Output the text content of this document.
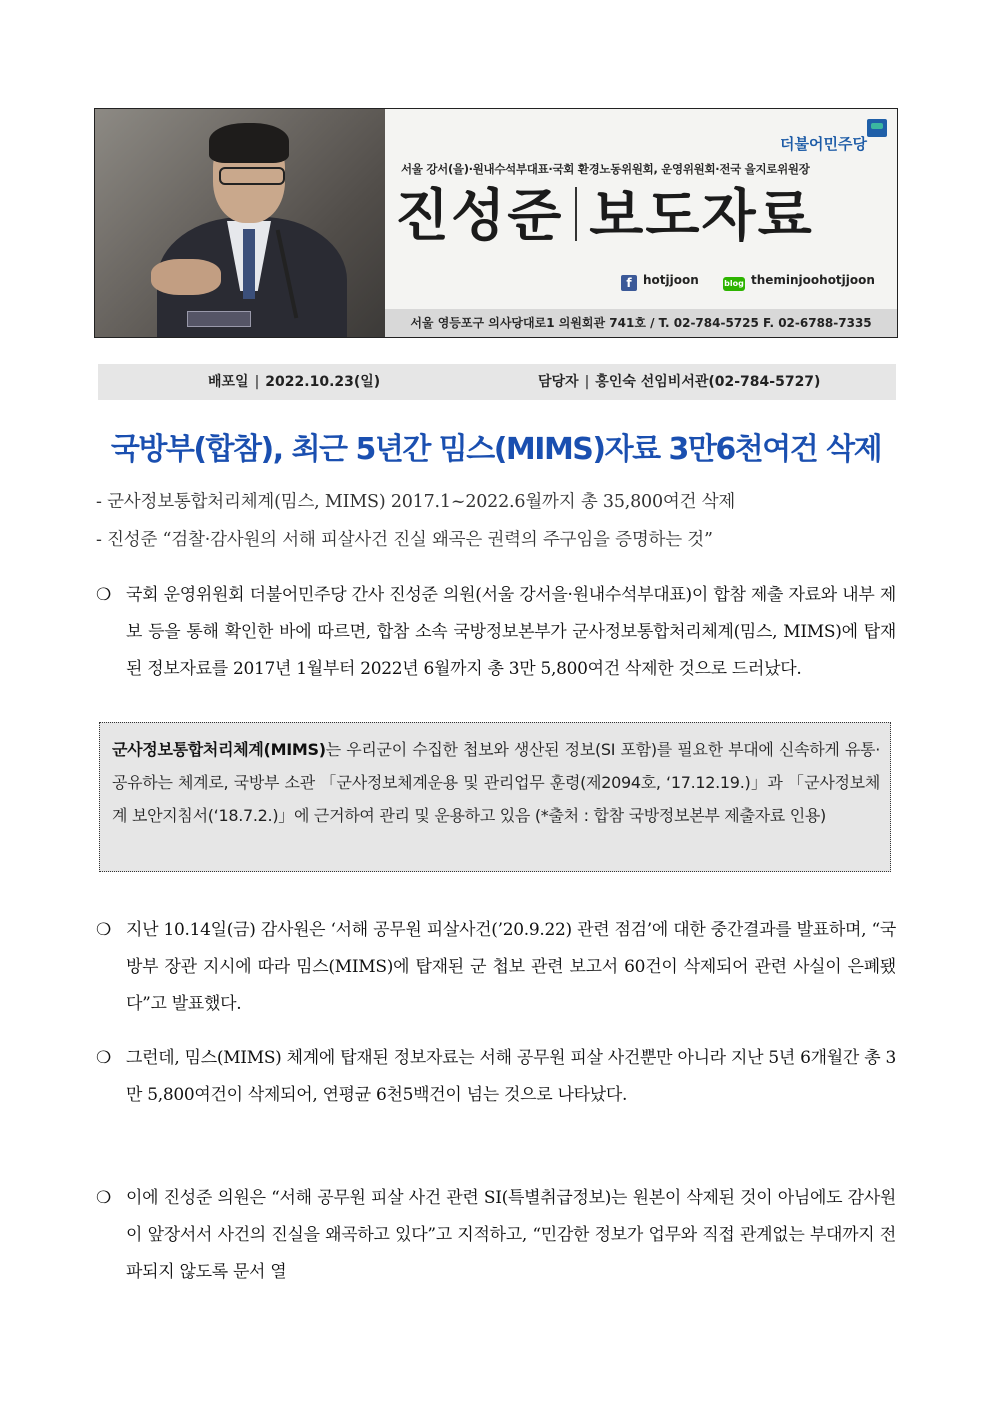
더불어민주당
서울 강서(을)·원내수석부대표·국회 환경노동위원회, 운영위원회·전국 을지로위원장
진성준 보도자료
f hotjjoon	blog theminjoohotjjoon
서울 영등포구 의사당대로1 의원회관 741호 / T. 02-784-5725 F. 02-6788-7335
배포일 | 2022.10.23(일)	담당자 | 홍인숙 선임비서관(02-784-5727)
국방부(합참), 최근 5년간 밈스(MIMS)자료 3만6천여건 삭제
- 군사정보통합처리체계(밈스, MIMS) 2017.1~2022.6월까지 총 35,800여건 삭제
- 진성준 “검찰·감사원의 서해 피살사건 진실 왜곡은 권력의 주구임을 증명하는 것”
❍ 국회 운영위원회 더불어민주당 간사 진성준 의원(서울 강서을·원내수석부대표)이 합참 제출 자료와 내부 제보 등을 통해 확인한 바에 따르면, 합참 소속 국방정보본부가 군사정보통합처리체계(밈스, MIMS)에 탑재된 정보자료를 2017년 1월부터 2022년 6월까지 총 3만 5,800여건 삭제한 것으로 드러났다.
군사정보통합처리체계(MIMS)는 우리군이 수집한 첩보와 생산된 정보(SI 포함)를 필요한 부대에 신속하게 유통·공유하는 체계로, 국방부 소관 「군사정보체계운용 및 관리업무 훈령(제2094호, ‘17.12.19.)」과 「군사정보체계 보안지침서(‘18.7.2.)」에 근거하여 관리 및 운용하고 있음 (*출처 : 합참 국방정보본부 제출자료 인용)
❍ 지난 10.14일(금) 감사원은 ‘서해 공무원 피살사건(’20.9.22) 관련 점검’에 대한 중간결과를 발표하며, “국방부 장관 지시에 따라 밈스(MIMS)에 탑재된 군 첩보 관련 보고서 60건이 삭제되어 관련 사실이 은폐됐다”고 발표했다.
❍ 그런데, 밈스(MIMS) 체계에 탑재된 정보자료는 서해 공무원 피살 사건뿐만 아니라 지난 5년 6개월간 총 3만 5,800여건이 삭제되어, 연평균 6천5백건이 넘는 것으로 나타났다.
❍ 이에 진성준 의원은 “서해 공무원 피살 사건 관련 SI(특별취급정보)는 원본이 삭제된 것이 아님에도 감사원이 앞장서서 사건의 진실을 왜곡하고 있다”고 지적하고, “민감한 정보가 업무와 직접 관계없는 부대까지 전파되지 않도록 문서 열
